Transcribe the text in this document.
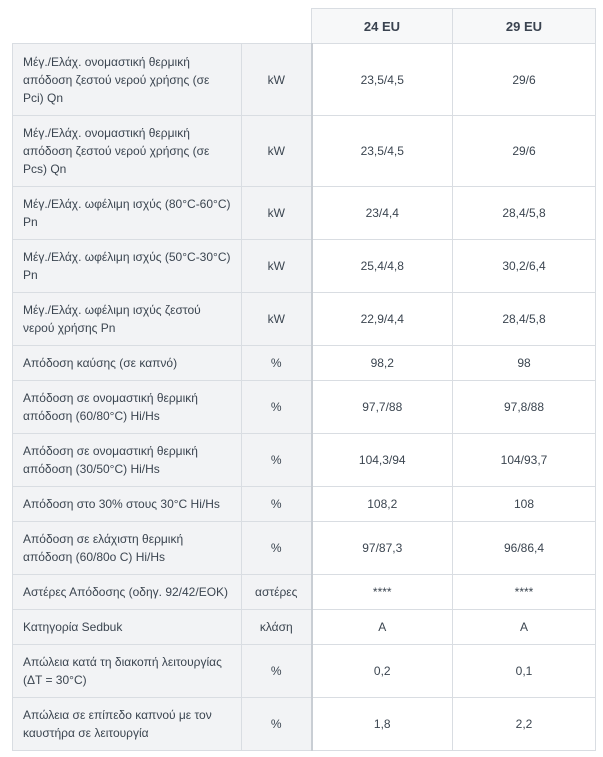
		24 EU	29 EU
Μέγ./Ελάχ. ονομαστική θερμική απόδοση ζεστού νερού χρήσης (σε Pci) Qn	kW	23,5/4,5	29/6
Μέγ./Ελάχ. ονομαστική θερμική απόδοση ζεστού νερού χρήσης (σε Pcs) Qn	kW	23,5/4,5	29/6
Μέγ./Ελάχ. ωφέλιμη ισχύς (80°C-60°C) Pn	kW	23/4,4	28,4/5,8
Μέγ./Ελάχ. ωφέλιμη ισχύς (50°C-30°C) Pn	kW	25,4/4,8	30,2/6,4
Μέγ./Ελάχ. ωφέλιμη ισχύς ζεστού νερού χρήσης Pn	kW	22,9/4,4	28,4/5,8
Απόδοση καύσης (σε καπνό)	%	98,2	98
Απόδοση σε ονομαστική θερμική απόδοση (60/80°C) Hi/Hs	%	97,7/88	97,8/88
Απόδοση σε ονομαστική θερμική απόδοση (30/50°C) Hi/Hs	%	104,3/94	104/93,7
Απόδοση στο 30% στους 30°C Hi/Hs	%	108,2	108
Απόδοση σε ελάχιστη θερμική απόδοση (60/80o C) Hi/Hs	%	97/87,3	96/86,4
Αστέρες Απόδοσης (οδηγ. 92/42/ΕΟΚ)	αστέρες	****	****
Κατηγορία Sedbuk	κλάση	A	A
Απώλεια κατά τη διακοπή λειτουργίας (ΔT = 30°C)	%	0,2	0,1
Απώλεια σε επίπεδο καπνού με τον καυστήρα σε λειτουργία	%	1,8	2,2
